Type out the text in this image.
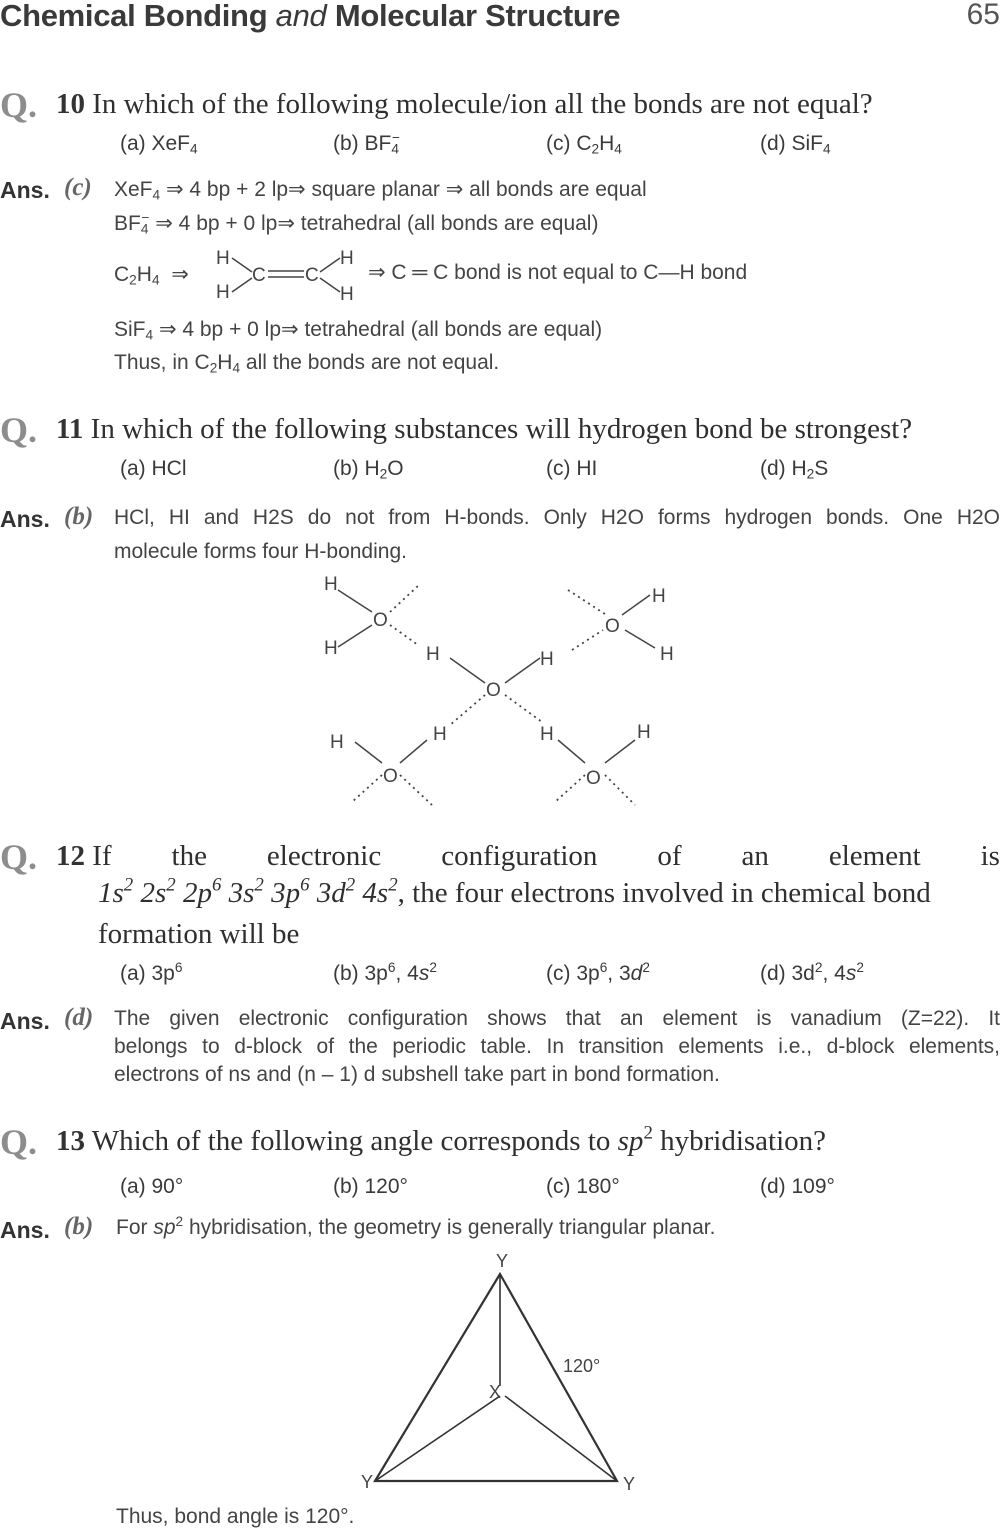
Chemical Bonding and Molecular Structure	65
Q. 10 In which of the following molecule/ion all the bonds are not equal?
(a) XeF$_4$	(b) $BF_4^-$	(c) $C_2H_4$	(d) SiF$_4$
Ans. (c) XeF$_4$ ⇒ 4 bp + 2 lp⇒ square planar ⇒ all bonds are equal
$BF_4^-$ ⇒ 4 bp + 0 lp⇒ tetrahedral (all bonds are equal)
$C_2H_4$  ⇒
H
H
C C
H
H
⇒ C ═ C bond is not equal to C—H bond
SiF$_4$ ⇒ 4 bp + 0 lp⇒ tetrahedral (all bonds are equal)
Thus, in $C_2H_4$ all the bonds are not equal.
Q. 11 In which of the following substances will hydrogen bond be strongest?
(a) HCl	(b) $H_2O$	(c) HI	(d) $H_2S$
Ans. (b) HCl, HI and H2S do not from H-bonds. Only H2O forms hydrogen bonds. One H2O
molecule forms four H-bonding.
H
O
H	H
O
H
H
O
H
H	H
O
H	H
O
Q. 12 If the electronic configuration of an element is
$1s^2$ $2s^2$ $2p^6$ $3s^2$ $3p^6$ $3d^2$ $4s^2$, the four electrons involved in chemical bond
formation will be
(a) $3p^6$	(b) $3p^6$, $4s^2$	(c) $3p^6$, $3d^2$	(d) $3d^2$, $4s^2$
Ans. (d) The given electronic configuration shows that an element is vanadium (Z=22). It
belongs to d-block of the periodic table. In transition elements i.e., d-block elements,
electrons of ns and (n – 1) d subshell take part in bond formation.
Q. 13 Which of the following angle corresponds to $sp^2$ hybridisation?
(a) 90°	(b) 120°	(c) 180°	(d) 109°
Ans. (b) For $sp^2$ hybridisation, the geometry is generally triangular planar.
Y
X
Y	Y
120°
Thus, bond angle is 120°.
